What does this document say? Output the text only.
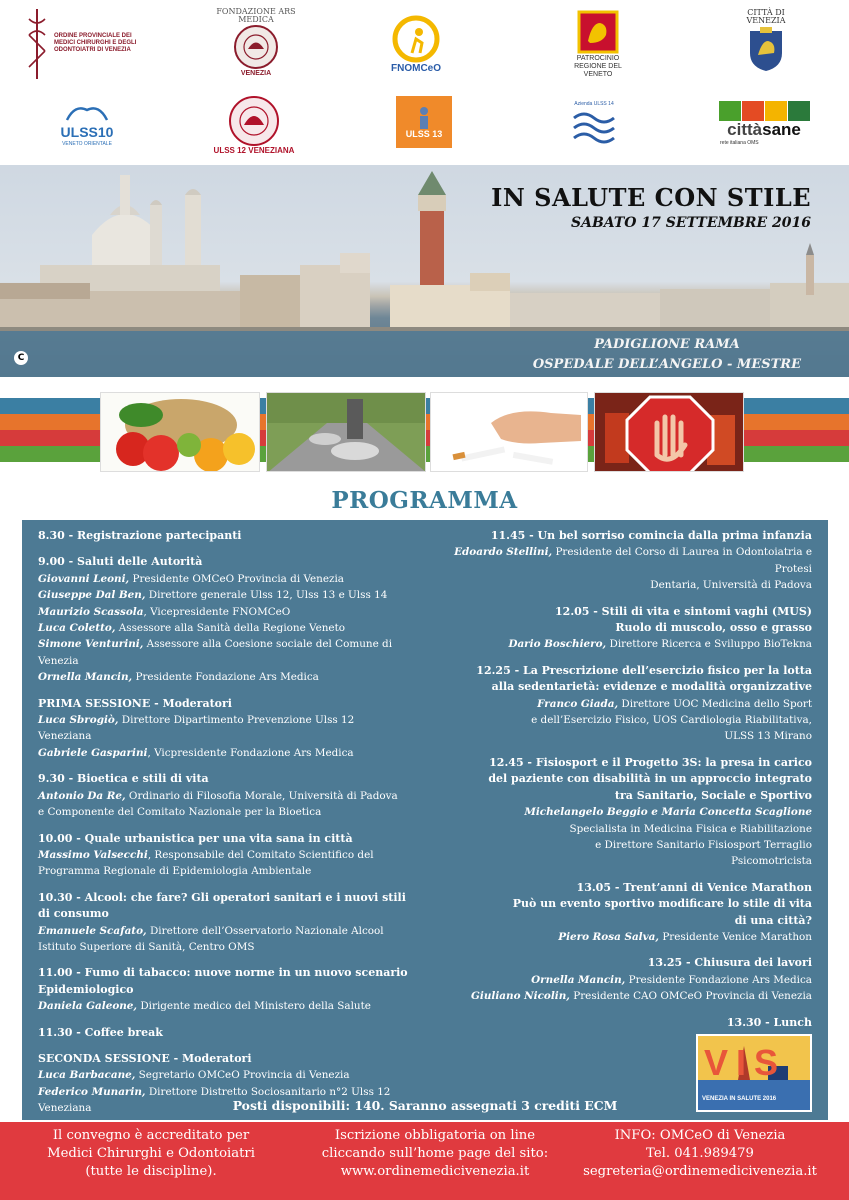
ORDINE PROVINCIALE DEI MEDICI CHIRURGHI E DEGLI ODONTOIATRI DI VENEZIA
FONDAZIONE ARS MEDICA
VENEZIA	FNOMCeO
PATROCINIO
REGIONE DEL VENETO
CITTÀ DI
VENEZIA
ULSS10
VENETO ORIENTALE
ULSS 12 VENEZIANA
ULSS 13
Azienda ULSS 14
cittàsane
rete italiana OMS
IN SALUTE CON STILE
SABATO 17 SETTEMBRE 2016
PADIGLIONE RAMA
OSPEDALE DELL’ANGELO - MESTRE
C
PROGRAMMA
8.30 - Registrazione partecipanti
9.00 - Saluti delle Autorità
Giovanni Leoni, Presidente OMCeO Provincia di Venezia
Giuseppe Dal Ben, Direttore generale Ulss 12, Ulss 13 e Ulss 14
Maurizio Scassola, Vicepresidente FNOMCeO
Luca Coletto, Assessore alla Sanità della Regione Veneto
Simone Venturini, Assessore alla Coesione sociale del Comune di Venezia
Ornella Mancin, Presidente Fondazione Ars Medica
PRIMA SESSIONE - Moderatori
Luca Sbrogiò, Direttore Dipartimento Prevenzione Ulss 12 Veneziana
Gabriele Gasparini, Vicpresidente Fondazione Ars Medica
9.30 - Bioetica e stili di vita
Antonio Da Re, Ordinario di Filosofia Morale, Università di Padova
e Componente del Comitato Nazionale per la Bioetica
10.00 - Quale urbanistica per una vita sana in città
Massimo Valsecchi, Responsabile del Comitato Scientifico del
Programma Regionale di Epidemiologia Ambientale
10.30 - Alcool: che fare? Gli operatori sanitari e i nuovi stili di consumo
Emanuele Scafato, Direttore dell’Osservatorio Nazionale Alcool
Istituto Superiore di Sanità, Centro OMS
11.00 - Fumo di tabacco: nuove norme in un nuovo scenario Epidemiologico
Daniela Galeone, Dirigente medico del Ministero della Salute
11.30 - Coffee break
SECONDA SESSIONE - Moderatori
Luca Barbacane, Segretario OMCeO Provincia di Venezia
Federico Munarin, Direttore Distretto Sociosanitario n°2 Ulss 12 Veneziana
11.45 - Un bel sorriso comincia dalla prima infanzia
Edoardo Stellini, Presidente del Corso di Laurea in Odontoiatria e Protesi
Dentaria, Università di Padova
12.05 - Stili di vita e sintomi vaghi (MUS)
Ruolo di muscolo, osso e grasso
Dario Boschiero, Direttore Ricerca e Sviluppo BioTekna
12.25 - La Prescrizione dell’esercizio fisico per la lotta
alla sedentarietà: evidenze e modalità organizzative
Franco Giada, Direttore UOC Medicina dello Sport
e dell’Esercizio Fisico, UOS Cardiologia Riabilitativa,
ULSS 13 Mirano
12.45 - Fisiosport e il Progetto 3S: la presa in carico
del paziente con disabilità in un approccio integrato
tra Sanitario, Sociale e Sportivo
Michelangelo Beggio e Maria Concetta Scaglione
Specialista in Medicina Fisica e Riabilitazione
e Direttore Sanitario Fisiosport Terraglio
Psicomotricista
13.05 - Trent’anni di Venice Marathon
Può un evento sportivo modificare lo stile di vita
di una città?
Piero Rosa Salva, Presidente Venice Marathon
13.25 - Chiusura dei lavori
Ornella Mancin, Presidente Fondazione Ars Medica
Giuliano Nicolin, Presidente CAO OMCeO Provincia di Venezia
13.30 - Lunch
VIS
VENEZIA IN SALUTE 2016
Posti disponibili: 140. Saranno assegnati 3 crediti ECM
Il convegno è accreditato per
Medici Chirurghi e Odontoiatri
(tutte le discipline).
Iscrizione obbligatoria on line
cliccando sull’home page del sito:
www.ordinemedicivenezia.it
INFO: OMCeO di Venezia
Tel. 041.989479
segreteria@ordinemedicivenezia.it
